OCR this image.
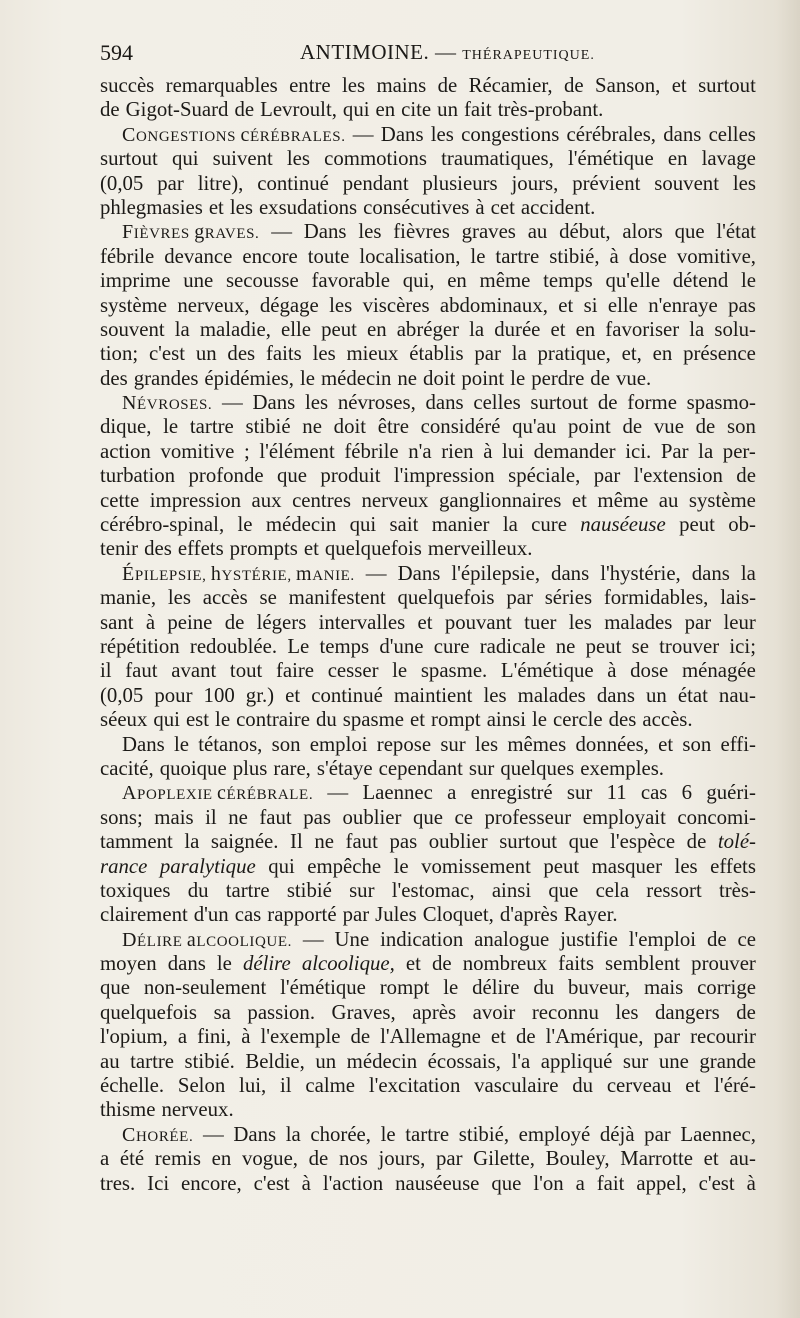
594	ANTIMOINE. — THÉRAPEUTIQUE.
succès remarquables entre les mains de Récamier, de Sanson, et surtout
de Gigot-Suard de Levroult, qui en cite un fait très-probant.
CONGESTIONS cÉRÉBRALES. — Dans les congestions cérébrales, dans celles
surtout qui suivent les commotions traumatiques, l'émétique en lavage
(0,05 par litre), continué pendant plusieurs jours, prévient souvent les
phlegmasies et les exsudations consécutives à cet accident.
FIÈVRES gRAVES. — Dans les fièvres graves au début, alors que l'état
fébrile devance encore toute localisation, le tartre stibié, à dose vomitive,
imprime une secousse favorable qui, en même temps qu'elle détend le
système nerveux, dégage les viscères abdominaux, et si elle n'enraye pas
souvent la maladie, elle peut en abréger la durée et en favoriser la solu-
tion; c'est un des faits les mieux établis par la pratique, et, en présence
des grandes épidémies, le médecin ne doit point le perdre de vue.
NÉVROSES. — Dans les névroses, dans celles surtout de forme spasmo-
dique, le tartre stibié ne doit être considéré qu'au point de vue de son
action vomitive ; l'élément fébrile n'a rien à lui demander ici. Par la per-
turbation profonde que produit l'impression spéciale, par l'extension de
cette impression aux centres nerveux ganglionnaires et même au système
cérébro-spinal, le médecin qui sait manier la cure nauséeuse peut ob-
tenir des effets prompts et quelquefois merveilleux.
ÉPILEPSIE, hYSTÉRIE, mANIE. — Dans l'épilepsie, dans l'hystérie, dans la
manie, les accès se manifestent quelquefois par séries formidables, lais-
sant à peine de légers intervalles et pouvant tuer les malades par leur
répétition redoublée. Le temps d'une cure radicale ne peut se trouver ici;
il faut avant tout faire cesser le spasme. L'émétique à dose ménagée
(0,05 pour 100 gr.) et continué maintient les malades dans un état nau-
séeux qui est le contraire du spasme et rompt ainsi le cercle des accès.
Dans le tétanos, son emploi repose sur les mêmes données, et son effi-
cacité, quoique plus rare, s'étaye cependant sur quelques exemples.
APOPLEXIE cÉRÉBRALE. — Laennec a enregistré sur 11 cas 6 guéri-
sons; mais il ne faut pas oublier que ce professeur employait concomi-
tamment la saignée. Il ne faut pas oublier surtout que l'espèce de tolé-
rance paralytique qui empêche le vomissement peut masquer les effets
toxiques du tartre stibié sur l'estomac, ainsi que cela ressort très-
clairement d'un cas rapporté par Jules Cloquet, d'après Rayer.
DÉLIRE aLCOOLIQUE. — Une indication analogue justifie l'emploi de ce
moyen dans le délire alcoolique, et de nombreux faits semblent prouver
que non-seulement l'émétique rompt le délire du buveur, mais corrige
quelquefois sa passion. Graves, après avoir reconnu les dangers de
l'opium, a fini, à l'exemple de l'Allemagne et de l'Amérique, par recourir
au tartre stibié. Beldie, un médecin écossais, l'a appliqué sur une grande
échelle. Selon lui, il calme l'excitation vasculaire du cerveau et l'éré-
thisme nerveux.
CHORÉE. — Dans la chorée, le tartre stibié, employé déjà par Laennec,
a été remis en vogue, de nos jours, par Gilette, Bouley, Marrotte et au-
tres. Ici encore, c'est à l'action nauséeuse que l'on a fait appel, c'est à
